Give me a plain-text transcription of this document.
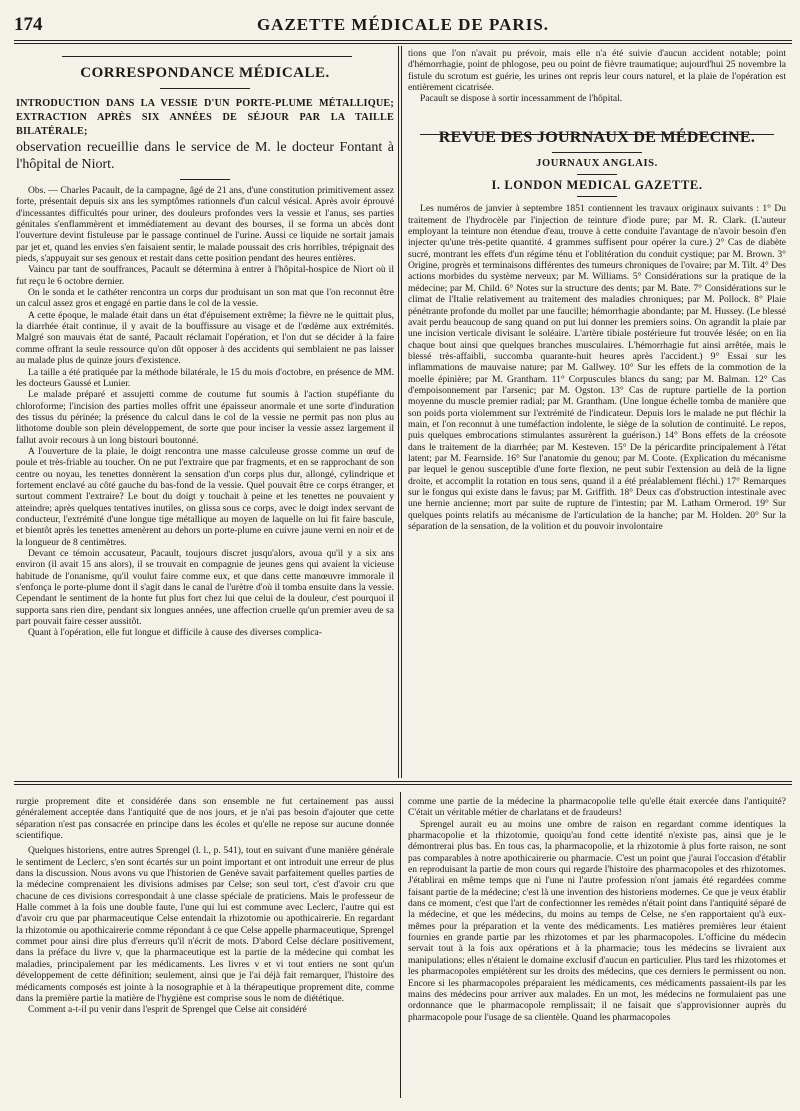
174	GAZETTE MÉDICALE DE PARIS.
CORRESPONDANCE MÉDICALE.
INTRODUCTION DANS LA VESSIE D'UN PORTE-PLUME MÉTALLIQUE; EXTRACTION APRÈS SIX ANNÉES DE SÉJOUR PAR LA TAILLE BILATÉRALE;
observation recueillie dans le service de M. le docteur Fontant à l'hôpital de Niort.

Obs. — Charles Pacault, de la campagne, âgé de 21 ans, d'une constitution primitivement assez forte, présentait depuis six ans les symptômes rationnels d'un calcul vésical. Après avoir éprouvé d'incessantes difficultés pour uriner, des douleurs profondes vers la vessie et l'anus, ses parties génitales s'enflammèrent et immédiatement au devant des bourses, il se forma un abcès dont l'ouverture devint fistuleuse par le passage continuel de l'urine. Aussi ce liquide ne sortait jamais par jet et, quand les envies s'en faisaient sentir, le malade poussait des cris horribles, trépignait des pieds, s'appuyait sur ses genoux et restait dans cette position pendant des heures entières.

Vaincu par tant de souffrances, Pacault se détermina à entrer à l'hôpital-hospice de Niort où il fut reçu le 6 octobre dernier.

On le sonda et le cathéter rencontra un corps dur produisant un son mat que l'on reconnut être un calcul assez gros et engagé en partie dans le col de la vessie.

A cette époque, le malade était dans un état d'épuisement extrême; la fièvre ne le quittait plus, la diarrhée était continue, il y avait de la bouffissure au visage et de l'œdème aux extrémités. Malgré son mauvais état de santé, Pacault réclamait l'opération, et l'on dut se décider à la faire comme offrant la seule ressource qu'on dût opposer à des accidents qui semblaient ne pas laisser au malade plus de quinze jours d'existence.

La taille a été pratiquée par la méthode bilatérale, le 15 du mois d'octobre, en présence de MM. les docteurs Gaussé et Lunier.

Le malade préparé et assujetti comme de coutume fut soumis à l'action stupéfiante du chloroforme; l'incision des parties molles offrit une épaisseur anormale et une sorte d'induration des tissus du périnée; la présence du calcul dans le col de la vessie ne permit pas non plus au lithotome double son plein développement, de sorte que pour inciser la vessie assez largement il fallut avoir recours à un long bistouri boutonné.

A l'ouverture de la plaie, le doigt rencontra une masse calculeuse grosse comme un œuf de poule et très-friable au toucher. On ne put l'extraire que par fragments, et en se rapprochant de son centre ou noyau, les tenettes donnèrent la sensation d'un corps plus dur, allongé, cylindrique et fortement enclavé au côté gauche du bas-fond de la vessie. Quel pouvait être ce corps étranger, et surtout comment l'extraire? Le bout du doigt y touchait à peine et les tenettes ne pouvaient y atteindre; après quelques tentatives inutiles, on glissa sous ce corps, avec le doigt index servant de conducteur, l'extrémité d'une longue tige métallique au moyen de laquelle on lui fit faire bascule, et bientôt après les tenettes amenèrent au dehors un porte-plume en cuivre jaune verni en noir et de la longueur de 8 centimètres.

Devant ce témoin accusateur, Pacault, toujours discret jusqu'alors, avoua qu'il y a six ans environ (il avait 15 ans alors), il se trouvait en compagnie de jeunes gens qui avaient la vicieuse habitude de l'onanisme, qu'il voulut faire comme eux, et que dans cette manœuvre immorale il s'enfonça le porte-plume dont il s'agit dans le canal de l'urètre d'où il tomba ensuite dans la vessie. Cependant le sentiment de la honte fut plus fort chez lui que celui de la douleur, c'est pourquoi il supporta sans rien dire, pendant six longues années, une affection cruelle qu'un premier aveu de sa part pouvait faire cesser aussitôt.

Quant à l'opération, elle fut longue et difficile à cause des diverses complica-

tions que l'on n'avait pu prévoir, mais elle n'a été suivie d'aucun accident notable; point d'hémorrhagie, point de phlogose, peu ou point de fièvre traumatique; aujourd'hui 25 novembre la fistule du scrotum est guérie, les urines ont repris leur cours naturel, et la plaie de l'opération est entièrement cicatrisée.

Pacault se dispose à sortir incessamment de l'hôpital.

REVUE DES JOURNAUX DE MÉDECINE.
JOURNAUX ANGLAIS.
I. LONDON MEDICAL GAZETTE.

Les numéros de janvier à septembre 1851 contiennent les travaux originaux suivants : 1° Du traitement de l'hydrocèle par l'injection de teinture d'iode pure; par M. R. Clark. (L'auteur employant la teinture non étendue d'eau, trouve à cette conduite l'avantage de n'avoir besoin d'en injecter qu'une très-petite quantité. 4 grammes suffisent pour opérer la cure.) 2° Cas de diabète sucré, montrant les effets d'un régime ténu et l'oblitération du conduit cystique; par M. Brown. 3° Origine, progrès et terminaisons différentes des tumeurs chroniques de l'ovaire; par M. Tilt. 4° Des actions morbides du système nerveux; par M. Williams. 5° Considérations sur la pratique de la médecine; par M. Child. 6° Notes sur la structure des dents; par M. Bate. 7° Considérations sur le climat de l'Italie relativement au traitement des maladies chroniques; par M. Pollock. 8° Plaie pénétrante profonde du mollet par une faucille; hémorrhagie abondante; par M. Hussey. (Le blessé avait perdu beaucoup de sang quand on put lui donner les premiers soins. On agrandit la plaie par une incision verticale divisant le soléaire. L'artère tibiale postérieure fut trouvée lésée; on en lia chaque bout ainsi que quelques branches musculaires. L'hémorrhagie fut ainsi arrêtée, mais le blessé très-affaibli, succomba quarante-huit heures après l'accident.) 9° Essai sur les inflammations de mauvaise nature; par M. Gallwey. 10° Sur les effets de la commotion de la moelle épinière; par M. Grantham. 11° Corpuscules blancs du sang; par M. Balman. 12° Cas d'empoisonnement par l'arsenic; par M. Ogston. 13° Cas de rupture partielle de la portion moyenne du muscle premier radial; par M. Grantham. (Une longue échelle tomba de manière que son poids porta violemment sur l'extrémité de l'indicateur. Depuis lors le malade ne put fléchir la main, et l'on reconnut à une tuméfaction indolente, le siège de la solution de continuité. Le repos, puis quelques embrocations stimulantes assurèrent la guérison.) 14° Bons effets de la créosote dans le traitement de la diarrhée; par M. Kesteven. 15° De la péricardite principalement à l'état latent; par M. Fearnside. 16° Sur l'anatomie du genou; par M. Coote. (Explication du mécanisme par lequel le genou susceptible d'une forte flexion, ne peut subir l'extension au delà de la ligne droite, et accomplit la rotation en tous sens, quand il a été préalablement fléchi.) 17° Remarques sur le fongus qui existe dans le favus; par M. Griffith. 18° Deux cas d'obstruction intestinale avec une hernie ancienne; mort par suite de rupture de l'intestin; par M. Latham Ormerod. 19° Sur quelques points relatifs au mécanisme de l'articulation de la hanche; par M. Holden. 20° Sur la séparation de la sensation, de la volition et du pouvoir involontaire

rurgie proprement dite et considérée dans son ensemble ne fut certainement pas aussi généralement acceptée dans l'antiquité que de nos jours, et je n'ai pas besoin d'ajouter que cette séparation n'est pas consacrée en principe dans les écoles et qu'elle ne repose sur aucune donnée scientifique.

Quelques historiens, entre autres Sprengel (l. l., p. 541), tout en suivant d'une manière générale le sentiment de Leclerc, s'en sont écartés sur un point important et ont introduit une erreur de plus dans la discussion. Nous avons vu que l'historien de Genève savait parfaitement quelles parties de la médecine comprenaient les divisions admises par Celse; son seul tort, c'est d'avoir cru que chacune de ces divisions correspondait à une classe spéciale de praticiens. Mais le professeur de Halle commet à la fois une double faute, l'une qui lui est commune avec Leclerc, l'autre qui est d'avoir cru que par pharmaceutique Celse entendait la rhizotomie ou apothicairerie. En regardant la rhizotomie ou apothicairerie comme répondant à ce que Celse appelle pharmaceutique, Sprengel commet pour ainsi dire plus d'erreurs qu'il n'écrit de mots. D'abord Celse déclare positivement, dans la préface du livre v, que la pharmaceutique est la partie de la médecine qui combat les maladies, principalement par les médicaments. Les livres v et vi tout entiers ne sont qu'un développement de cette définition; seulement, ainsi que je l'ai déjà fait remarquer, l'histoire des médicaments composés est jointe à la nosographie et à la thérapeutique proprement dite, comme dans la première partie la matière de l'hygiène est comprise sous le nom de diététique.

Comment a-t-il pu venir dans l'esprit de Sprengel que Celse ait considéré

comme une partie de la médecine la pharmacopolie telle qu'elle était exercée dans l'antiquité? C'était un véritable métier de charlatans et de fraudeurs!

Sprengel aurait eu au moins une ombre de raison en regardant comme identiques la pharmacopolie et la rhizotomie, quoiqu'au fond cette identité n'existe pas, ainsi que je le démontrerai plus bas. En tous cas, la pharmacopolie, et la rhizotomie à plus forte raison, ne sont pas comparables à notre apothicairerie ou pharmacie. C'est un point que j'aurai l'occasion d'établir en reproduisant la partie de mon cours qui regarde l'histoire des pharmacopoles et des rhizotomes. J'établirai en même temps que ni l'une ni l'autre profession n'ont jamais été regardées comme faisant partie de la médecine; c'est là une invention des historiens modernes. Ce que je veux établir dans ce moment, c'est que l'art de confectionner les remèdes n'était point dans l'antiquité séparé de la médecine, et que les médecins, du moins au temps de Celse, ne s'en rapportaient qu'à eux-mêmes pour la préparation et la vente des médicaments. Les matières premières leur étaient fournies en grande partie par les rhizotomes et par les pharmacopoles. L'officine du médecin servait tout à la fois aux opérations et à la pharmacie; tous les médecins se livraient aux manipulations; elles n'étaient le domaine exclusif d'aucun en particulier. Plus tard les rhizotomes et les pharmacopoles empiétèrent sur les droits des médecins, que ces derniers le permissent ou non. Encore si les pharmacopoles préparaient les médicaments, ces médicaments passaient-ils par les mains des médecins pour arriver aux malades. En un mot, les médecins ne formulaient pas une ordonnance que le pharmacopole remplissait; il ne faisait que s'approvisionner auprès du pharmacopole pour l'usage de sa clientèle. Quand les pharmacopoles
